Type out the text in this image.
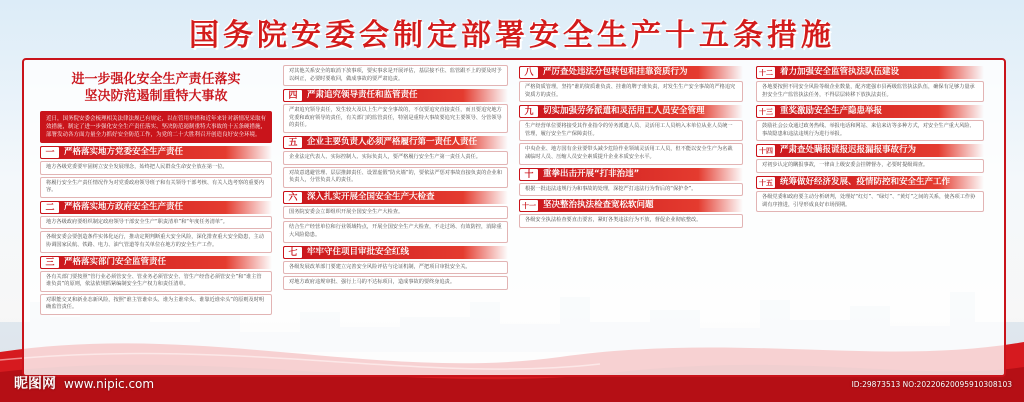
国务院安委会制定部署安全生产十五条措施
进一步强化安全生产责任落实
坚决防范遏制重特大事故
近日，国务院安委会梳理相关法律法规已有规定，以在管用举措和近年来针对新情况采取有效措施，制定了进一步强化安全生产责任落实、坚决防范遏制重特大事故的十五条硬措施，部署发动各方面力量全力抓好安全防范工作，为党的二十大胜利召开创造良好安全环境。
一	严格落实地方党委安全生产责任
地方各级党委要牢固树立安全发展理念，始终把人民群众生命安全放在第一位。
将履行安全生产责任情况作为对党委政府领导班子和有关领导干部考核、有关人选考察的重要内容。
二	严格落实地方政府安全生产责任
地方各级政府要组织制定政府领导干部安全生产“职责清单”和“年度任务清单”。
各级安委会要创造条件实体化运行，推动定期判断重大安全风险，深化排查重大安全隐患，主动协调国家民航、铁路、电力、油气管道等有关单位在地方的安全生产工作。
三	严格落实部门安全监管责任
各有关部门要按照“管行业必须管安全、管业务必须管安全、管生产经营必须管安全”和“谁主管谁负责”的原则，依法依规抓紧编制安全生产权力和责任清单。
对职能交叉和新业态新风险，按照“谁主管谁牵头、谁为主谁牵头、谁靠近谁牵头”的原则及时明确监管责任。
对其他关系安全的取消下放事项，要实事求是开展评估，基层接不住、监管跟不上的要及时予以纠正，必要时要收回，做成事故的要严肃追责。
四	严肃追究领导责任和监管责任
严肃追究领导责任，发生较大及以上生产安全事故的，不仅要追究直接责任，而且要追究地方党委和政府领导的责任，有关部门的监管责任，特别是重特大事故要追究主要领导、分管领导的责任。
五	企业主要负责人必须严格履行第一责任人责任
企业法定代表人、实际控制人、实际负责人，要严格履行安全生产第一责任人责任。
对故意逃避管理、层层推卸责任、设置虚假“防火墙”的，要依法严惩对事故直接负责的企业和负责人，分管负责人的责任。
六	深入扎实开展全国安全生产大检查
国务院安委会立即组织开展全国安全生产大检查。
结合生产经营单位和行业领域特点，开展全国安全生产大检查，不走过场、有效防控，消除重大风险隐患。
七	牢牢守住项目审批安全红线
各级发展改革部门要建立完善安全风险评估与论证机制，严把项目审批安全关。
对地方政府违规审批、强行上马的不达标项目，造成事故的要终身追责。
八	严厉查处违法分包转包和挂靠资质行为
严格资质管理，坚持“谁的资质谁负责、挂谁的牌子谁负责，对发生生产安全事故的严格追究资质方的责任。
九	切实加强劳务派遣和灵活用工人员安全管理
生产经营单位要将接受其作业指令的劳务派遣人员、灵活用工人员纳入本单位从业人员统一管理，履行安全生产保障责任。
中央企业、地方国有企业要带头减少危险作业领域灵活用工人员，但不能以安全生产为名裁减临时人员、压缩人员安全素质提升企业本质安全水平。
十	重拳出击开展“打非治违”
根据一批违法违规行为和事故的处理，深挖严打违法行为背后的“保护伞”。
十一 坚决整治执法检查宽松软问题
各级安全执法检查要直击要害，紧盯各类违法行为不放，督促企业彻底整改。
十二 着力加强安全监管执法队伍建设
各地要按照不同安全风险等级企业数量，配齐建强市县两级监管执法队伍，确保有足够力量承担安全生产监管执法任务，不得层层转移下放执法责任。
十三 重奖激励安全生产隐患举报
鼓励社会公众通过政务热线、举报电话和网站、来信来访等多种方式，对安全生产重大风险、事故隐患和违法违规行为进行举报。
十四 严肃查处瞒报谎报迟报漏报事故行为
对初步认定的瞒报事故，一律由上级安委会挂牌督办，必要时提级调查。
十五 统筹做好经济发展、疫情防控和安全生产工作
各级党委和政府要主动分析研判，处理好“红灯”、“绿灯”、“黄灯”之间的关系，使各项工作协调有序推进，引导形成良好市场预期。
昵图网 www.nipic.com	ID:29873513 NO:20220620095910308103
